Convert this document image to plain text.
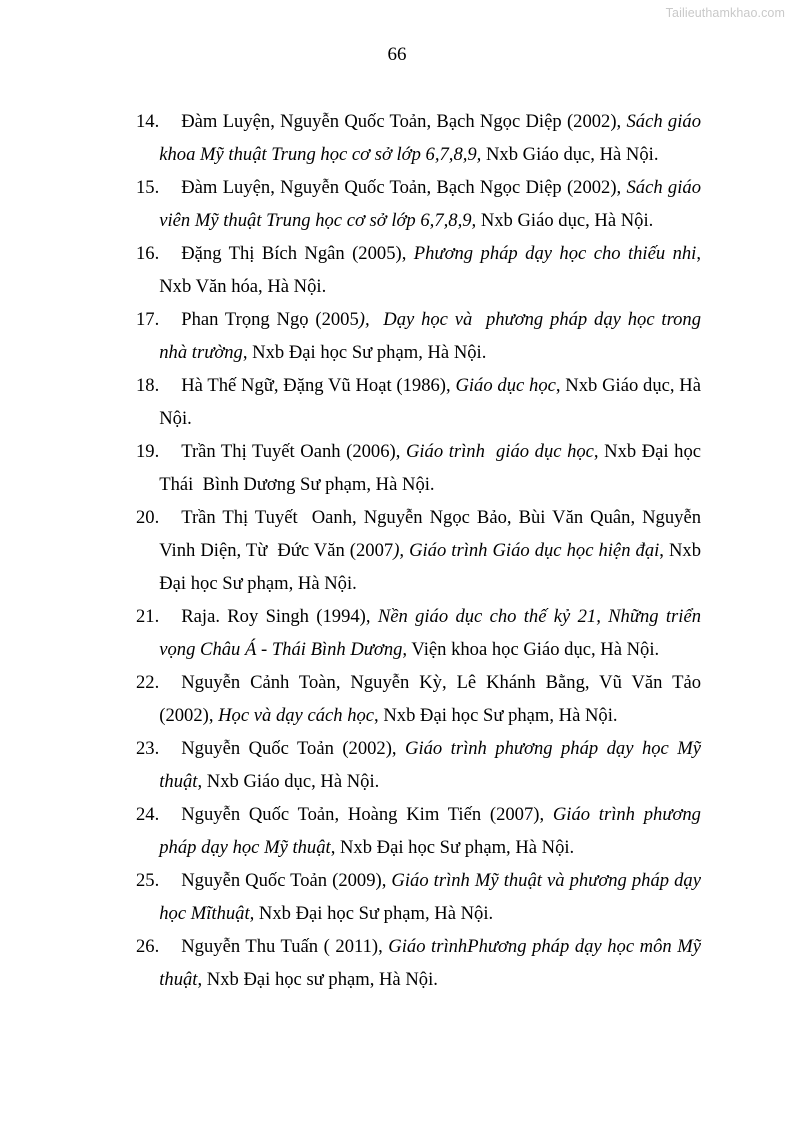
Tailieuthamkhao.com
66
14.	Đàm Luyện, Nguyễn Quốc Toản, Bạch Ngọc Diệp (2002), Sách giáo khoa Mỹ thuật Trung học cơ sở lớp 6,7,8,9, Nxb Giáo dục, Hà Nội.
15.	Đàm Luyện, Nguyễn Quốc Toản, Bạch Ngọc Diệp (2002), Sách giáo viên Mỹ thuật Trung học cơ sở lớp 6,7,8,9, Nxb Giáo dục, Hà Nội.
16.	Đặng Thị Bích Ngân (2005), Phương pháp dạy học cho thiếu nhi, Nxb Văn hóa, Hà Nội.
17.	Phan Trọng Ngọ (2005),  Dạy học và  phương pháp dạy học trong nhà trường, Nxb Đại học Sư phạm, Hà Nội.
18.	Hà Thế Ngữ, Đặng Vũ Hoạt (1986), Giáo dục học, Nxb Giáo dục, Hà Nội.
19.	Trần Thị Tuyết Oanh (2006), Giáo trình  giáo dục học, Nxb Đại học Thái  Bình Dương Sư phạm, Hà Nội.
20.	Trần Thị Tuyết  Oanh, Nguyễn Ngọc Bảo, Bùi Văn Quân, Nguyễn Vinh Diện, Từ  Đức Văn (2007), Giáo trình Giáo dục học hiện đại, Nxb Đại học Sư phạm, Hà Nội.
21.	Raja. Roy Singh (1994), Nền giáo dục cho thế kỷ 21, Những triển vọng Châu Á - Thái Bình Dương, Viện khoa học Giáo dục, Hà Nội.
22.	Nguyễn Cảnh Toàn, Nguyễn Kỳ, Lê Khánh Bằng, Vũ Văn Tảo (2002), Học và dạy cách học, Nxb Đại học Sư phạm, Hà Nội.
23.	Nguyễn Quốc Toản (2002), Giáo trình phương pháp dạy học Mỹ thuật, Nxb Giáo dục, Hà Nội.
24.	Nguyễn Quốc Toản, Hoàng Kim Tiến (2007), Giáo trình phương pháp dạy học Mỹ thuật, Nxb Đại học Sư phạm, Hà Nội.
25.	Nguyễn Quốc Toản (2009), Giáo trình Mỹ thuật và phương pháp dạy học Mĩthuật, Nxb Đại học Sư phạm, Hà Nội.
26.	Nguyễn Thu Tuấn ( 2011), Giáo trìnhPhương pháp dạy học môn Mỹ thuật, Nxb Đại học sư phạm, Hà Nội.
